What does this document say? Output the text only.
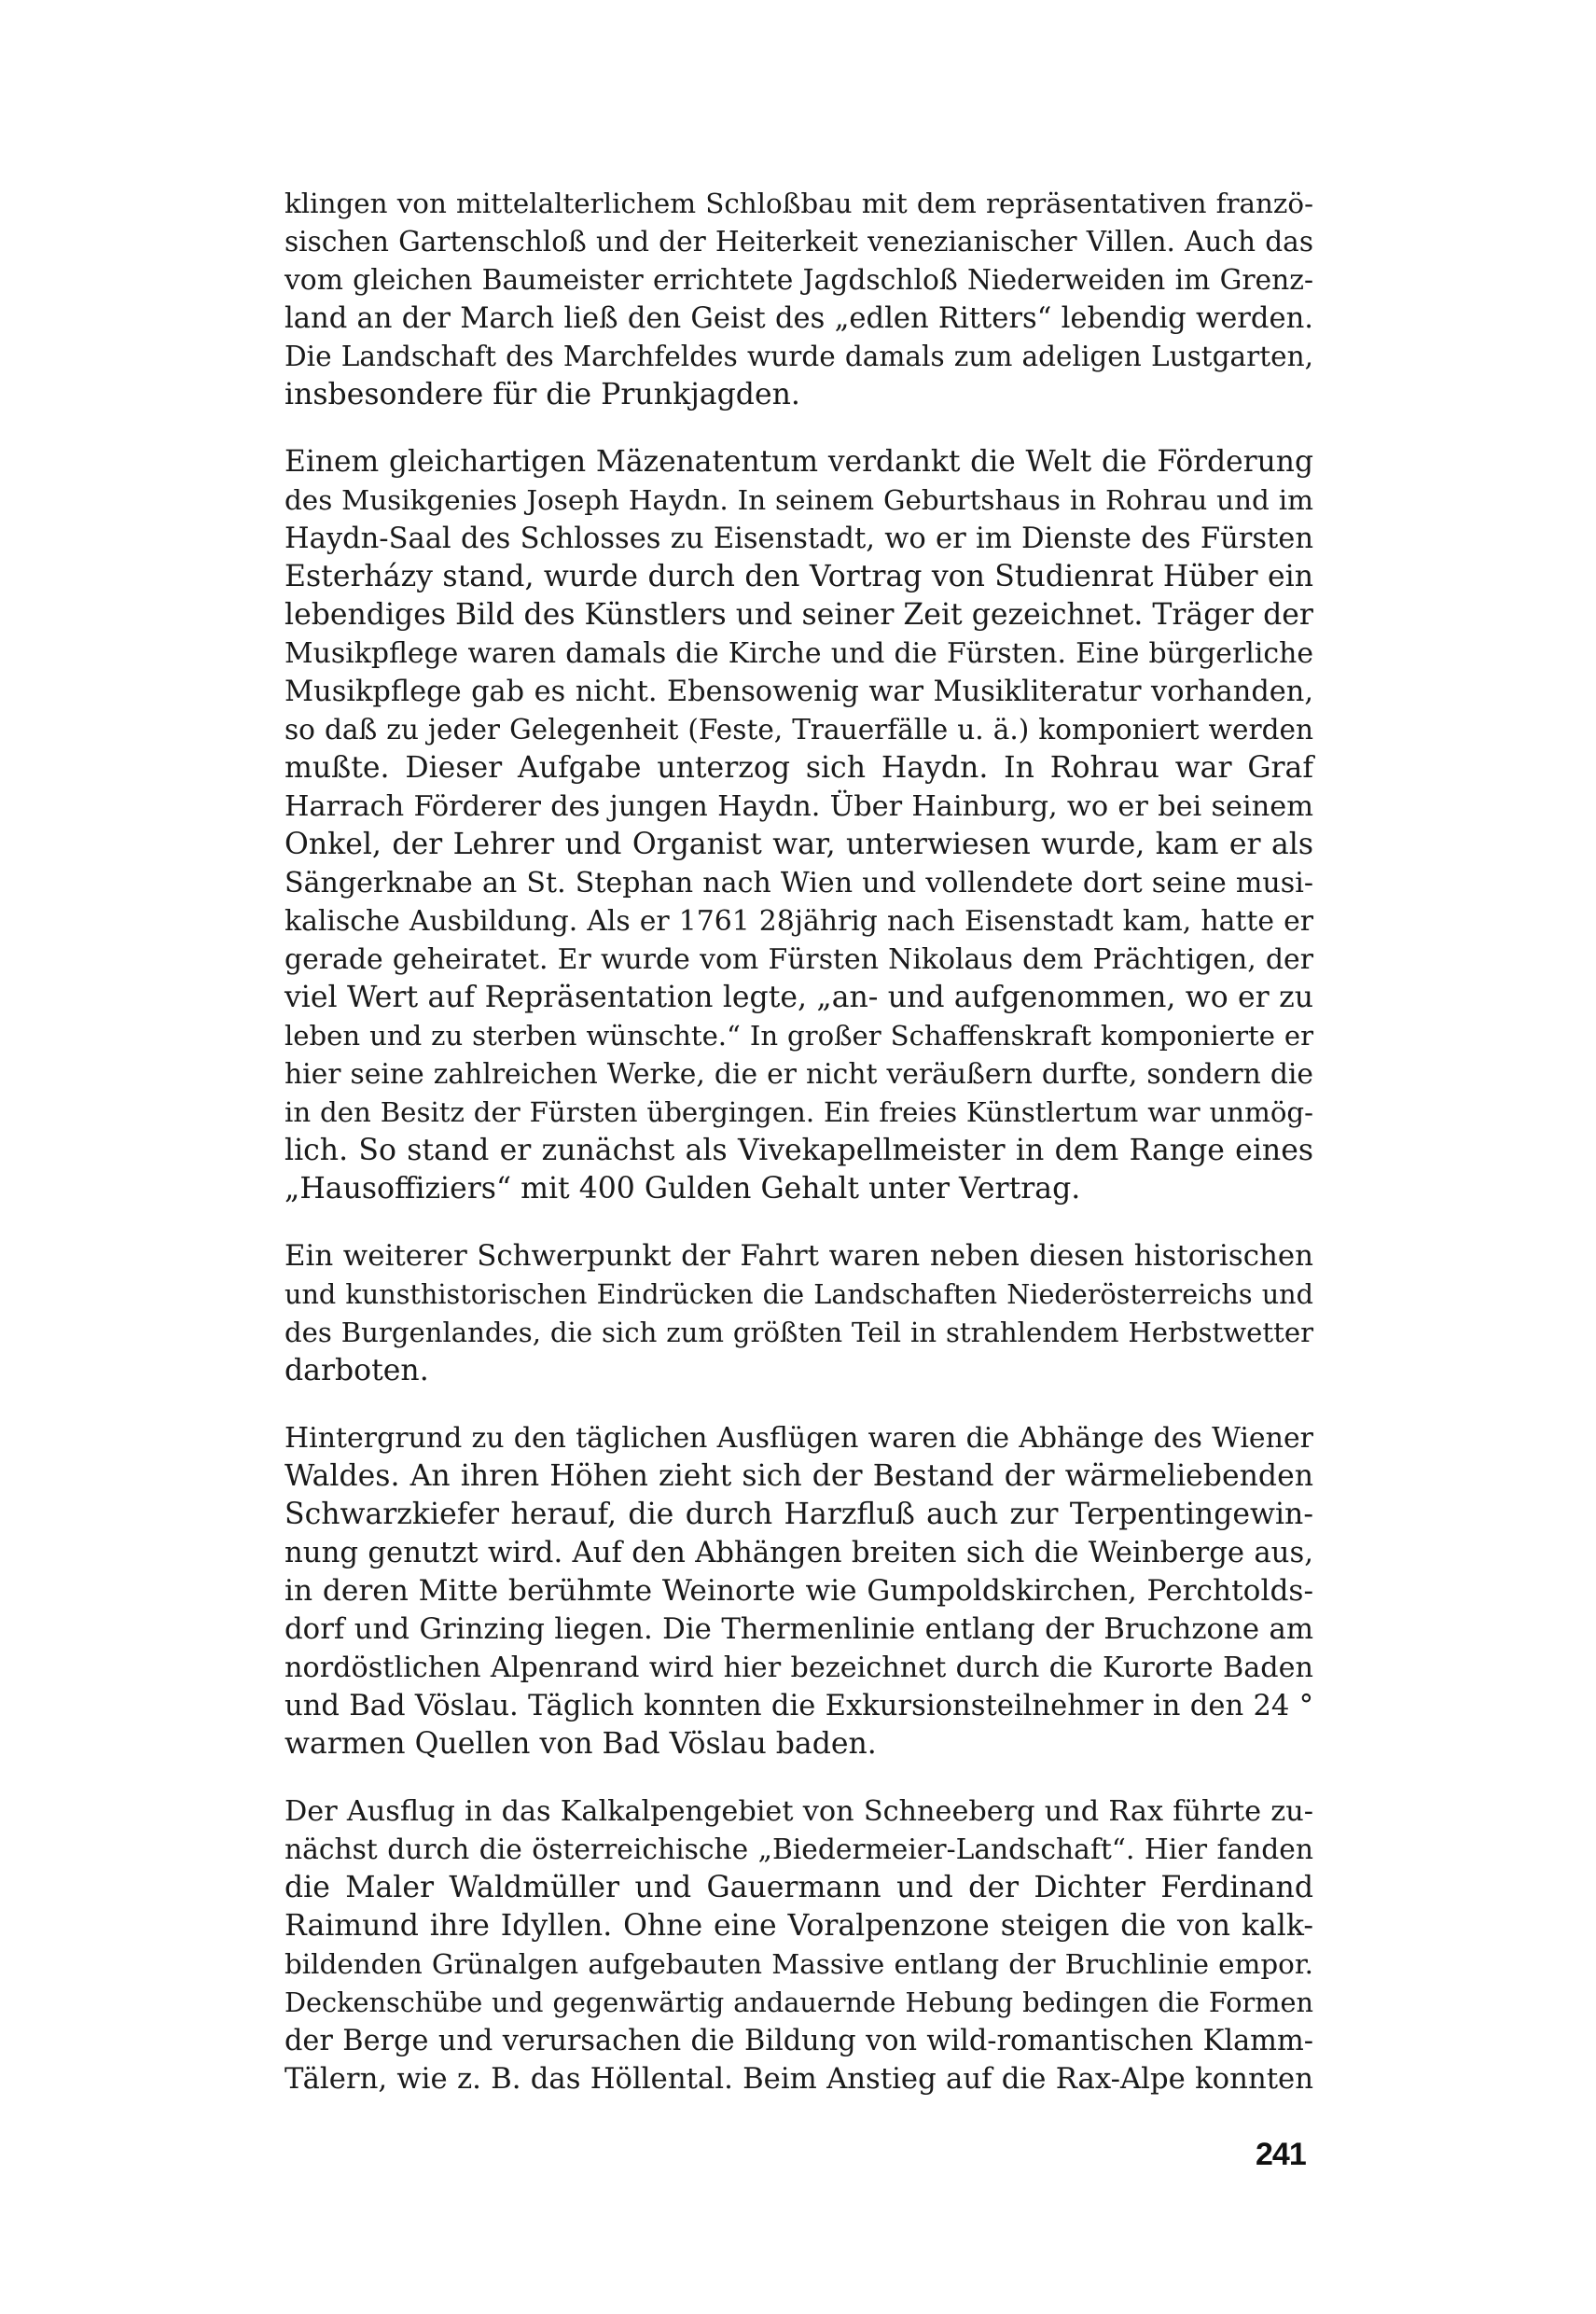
klingen von mittelalterlichem Schloßbau mit dem repräsentativen franzö-
sischen Gartenschloß und der Heiterkeit venezianischer Villen. Auch das
vom gleichen Baumeister errichtete Jagdschloß Niederweiden im Grenz-
land an der March ließ den Geist des „edlen Ritters“ lebendig werden.
Die Landschaft des Marchfeldes wurde damals zum adeligen Lustgarten,
insbesondere für die Prunkjagden.
Einem gleichartigen Mäzenatentum verdankt die Welt die Förderung
des Musikgenies Joseph Haydn. In seinem Geburtshaus in Rohrau und im
Haydn-Saal des Schlosses zu Eisenstadt, wo er im Dienste des Fürsten
Esterházy stand, wurde durch den Vortrag von Studienrat Hüber ein
lebendiges Bild des Künstlers und seiner Zeit gezeichnet. Träger der
Musikpflege waren damals die Kirche und die Fürsten. Eine bürgerliche
Musikpflege gab es nicht. Ebensowenig war Musikliteratur vorhanden,
so daß zu jeder Gelegenheit (Feste, Trauerfälle u. ä.) komponiert werden
mußte. Dieser Aufgabe unterzog sich Haydn. In Rohrau war Graf
Harrach Förderer des jungen Haydn. Über Hainburg, wo er bei seinem
Onkel, der Lehrer und Organist war, unterwiesen wurde, kam er als
Sängerknabe an St. Stephan nach Wien und vollendete dort seine musi-
kalische Ausbildung. Als er 1761 28jährig nach Eisenstadt kam, hatte er
gerade geheiratet. Er wurde vom Fürsten Nikolaus dem Prächtigen, der
viel Wert auf Repräsentation legte, „an- und aufgenommen, wo er zu
leben und zu sterben wünschte.“ In großer Schaffenskraft komponierte er
hier seine zahlreichen Werke, die er nicht veräußern durfte, sondern die
in den Besitz der Fürsten übergingen. Ein freies Künstlertum war unmög-
lich. So stand er zunächst als Vivekapellmeister in dem Range eines
„Hausoffiziers“ mit 400 Gulden Gehalt unter Vertrag.
Ein weiterer Schwerpunkt der Fahrt waren neben diesen historischen
und kunsthistorischen Eindrücken die Landschaften Niederösterreichs und
des Burgenlandes, die sich zum größten Teil in strahlendem Herbstwetter
darboten.
Hintergrund zu den täglichen Ausflügen waren die Abhänge des Wiener
Waldes. An ihren Höhen zieht sich der Bestand der wärmeliebenden
Schwarzkiefer herauf, die durch Harzfluß auch zur Terpentingewin-
nung genutzt wird. Auf den Abhängen breiten sich die Weinberge aus,
in deren Mitte berühmte Weinorte wie Gumpoldskirchen, Perchtolds-
dorf und Grinzing liegen. Die Thermenlinie entlang der Bruchzone am
nordöstlichen Alpenrand wird hier bezeichnet durch die Kurorte Baden
und Bad Vöslau. Täglich konnten die Exkursionsteilnehmer in den 24 °
warmen Quellen von Bad Vöslau baden.
Der Ausflug in das Kalkalpengebiet von Schneeberg und Rax führte zu-
nächst durch die österreichische „Biedermeier-Landschaft“. Hier fanden
die Maler Waldmüller und Gauermann und der Dichter Ferdinand
Raimund ihre Idyllen. Ohne eine Voralpenzone steigen die von kalk-
bildenden Grünalgen aufgebauten Massive entlang der Bruchlinie empor.
Deckenschübe und gegenwärtig andauernde Hebung bedingen die Formen
der Berge und verursachen die Bildung von wild-romantischen Klamm-
Tälern, wie z. B. das Höllental. Beim Anstieg auf die Rax-Alpe konnten
241
